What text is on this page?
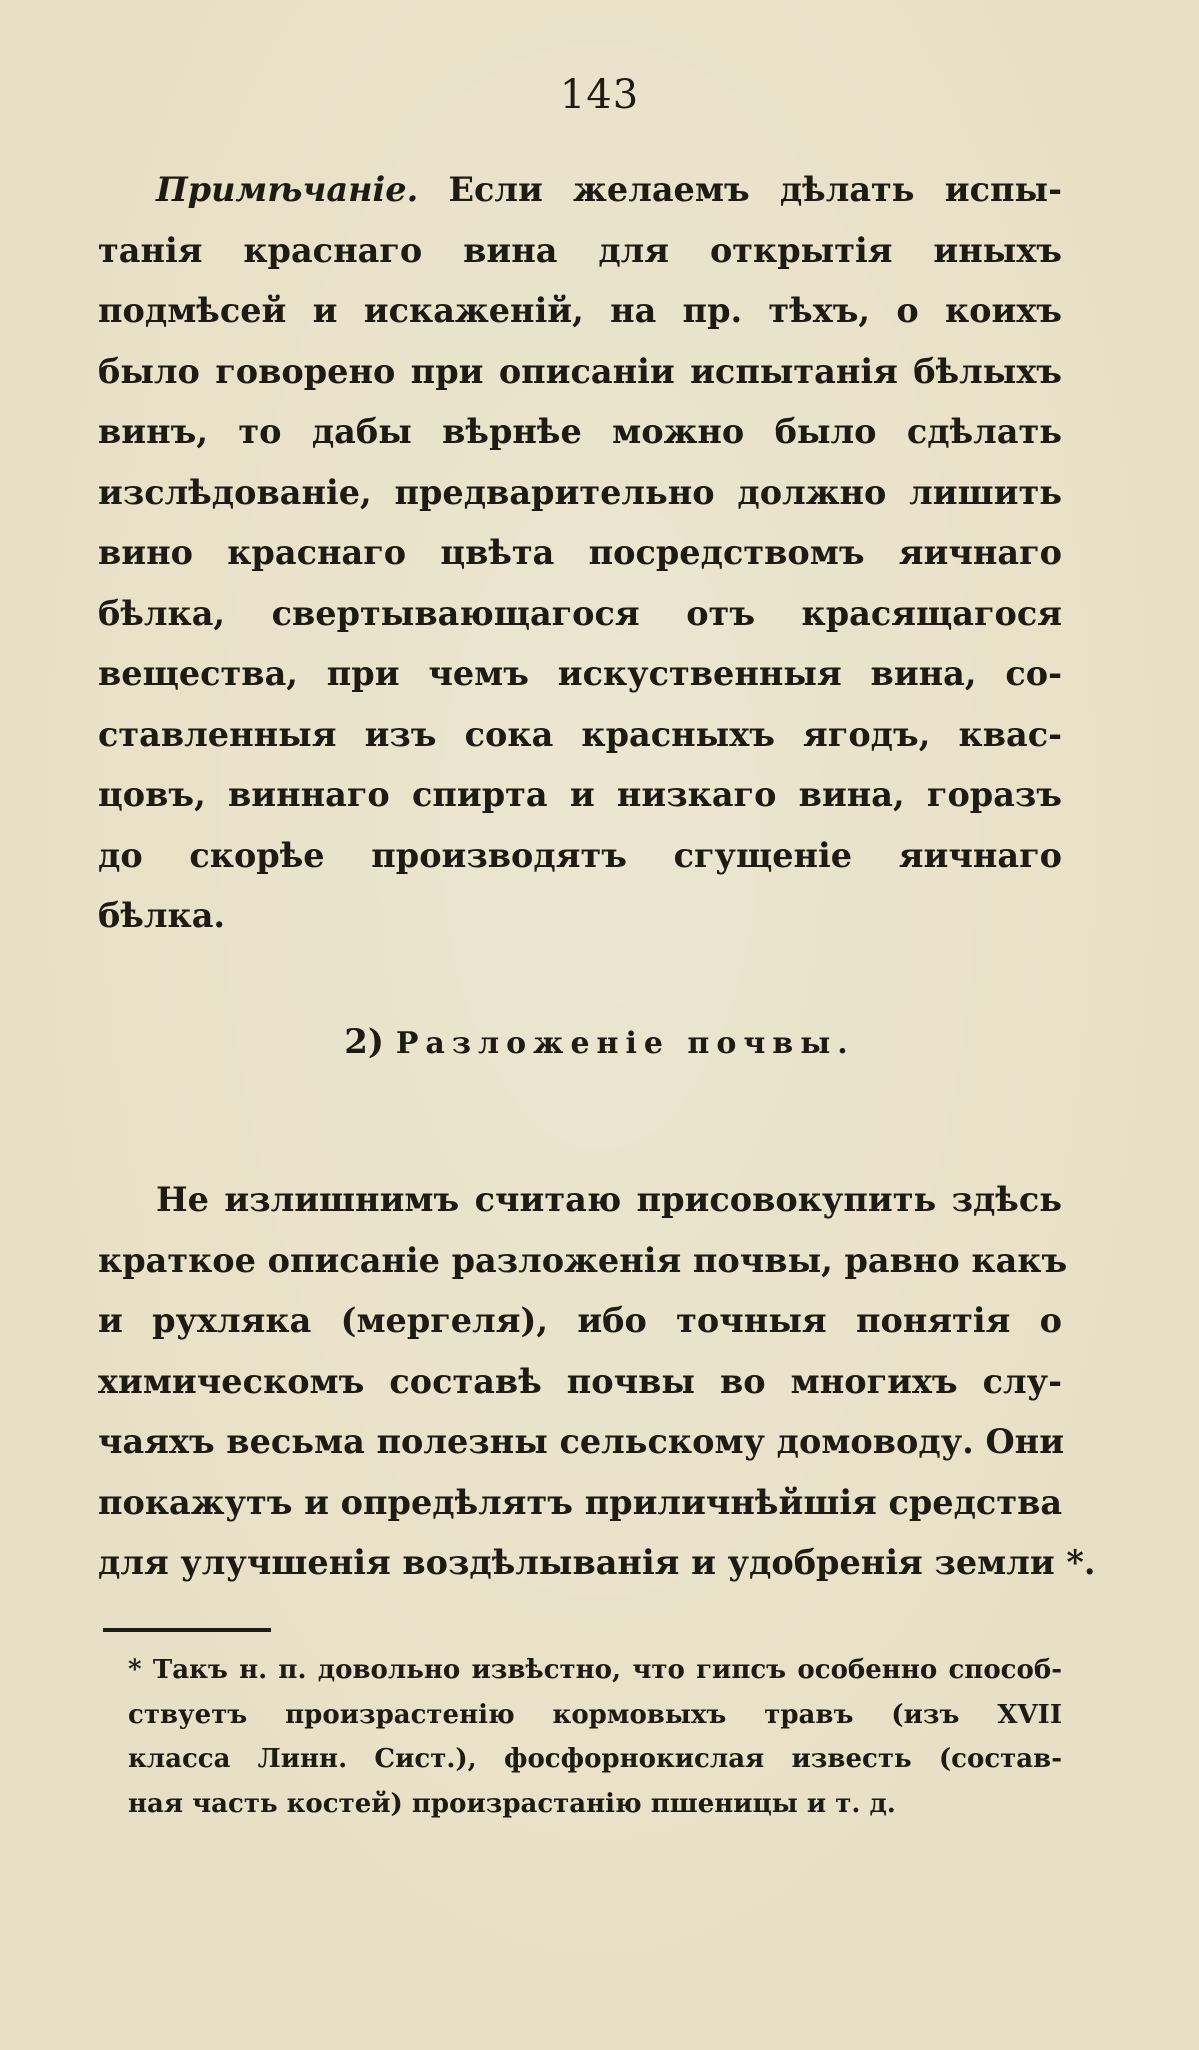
143
Примѣчаніе. Если желаемъ дѣлать испы-
танія краснаго вина для открытія иныхъ
подмѣсей и искаженій, на пр. тѣхъ, о коихъ
было говорено при описаніи испытанія бѣлыхъ
винъ, то дабы вѣрнѣе можно было сдѣлать
изслѣдованіе, предварительно должно лишить
вино краснаго цвѣта посредствомъ яичнаго
бѣлка, свертывающагося отъ красящагося
вещества, при чемъ искуственныя вина, со-
ставленныя изъ сока красныхъ ягодъ, квас-
цовъ, виннаго спирта и низкаго вина, горазъ
до скорѣе производятъ сгущеніе яичнаго
бѣлка.
2) Разложеніе почвы.
Не излишнимъ считаю присовокупить здѣсь
краткое описаніе разложенія почвы, равно какъ
и рухляка (мергеля), ибо точныя понятія о
химическомъ составѣ почвы во многихъ слу-
чаяхъ весьма полезны сельскому домоводу. Они
покажутъ и опредѣлятъ приличнѣйшія средства
для улучшенія воздѣлыванія и удобренія земли *.
* Такъ н. п. довольно извѣстно, что гипсъ особенно способ-
ствуетъ произрастенію кормовыхъ травъ (изъ XVII
класса Линн. Сист.), фосфорнокислая известь (состав-
ная часть костей) произрастанію пшеницы и т. д.
